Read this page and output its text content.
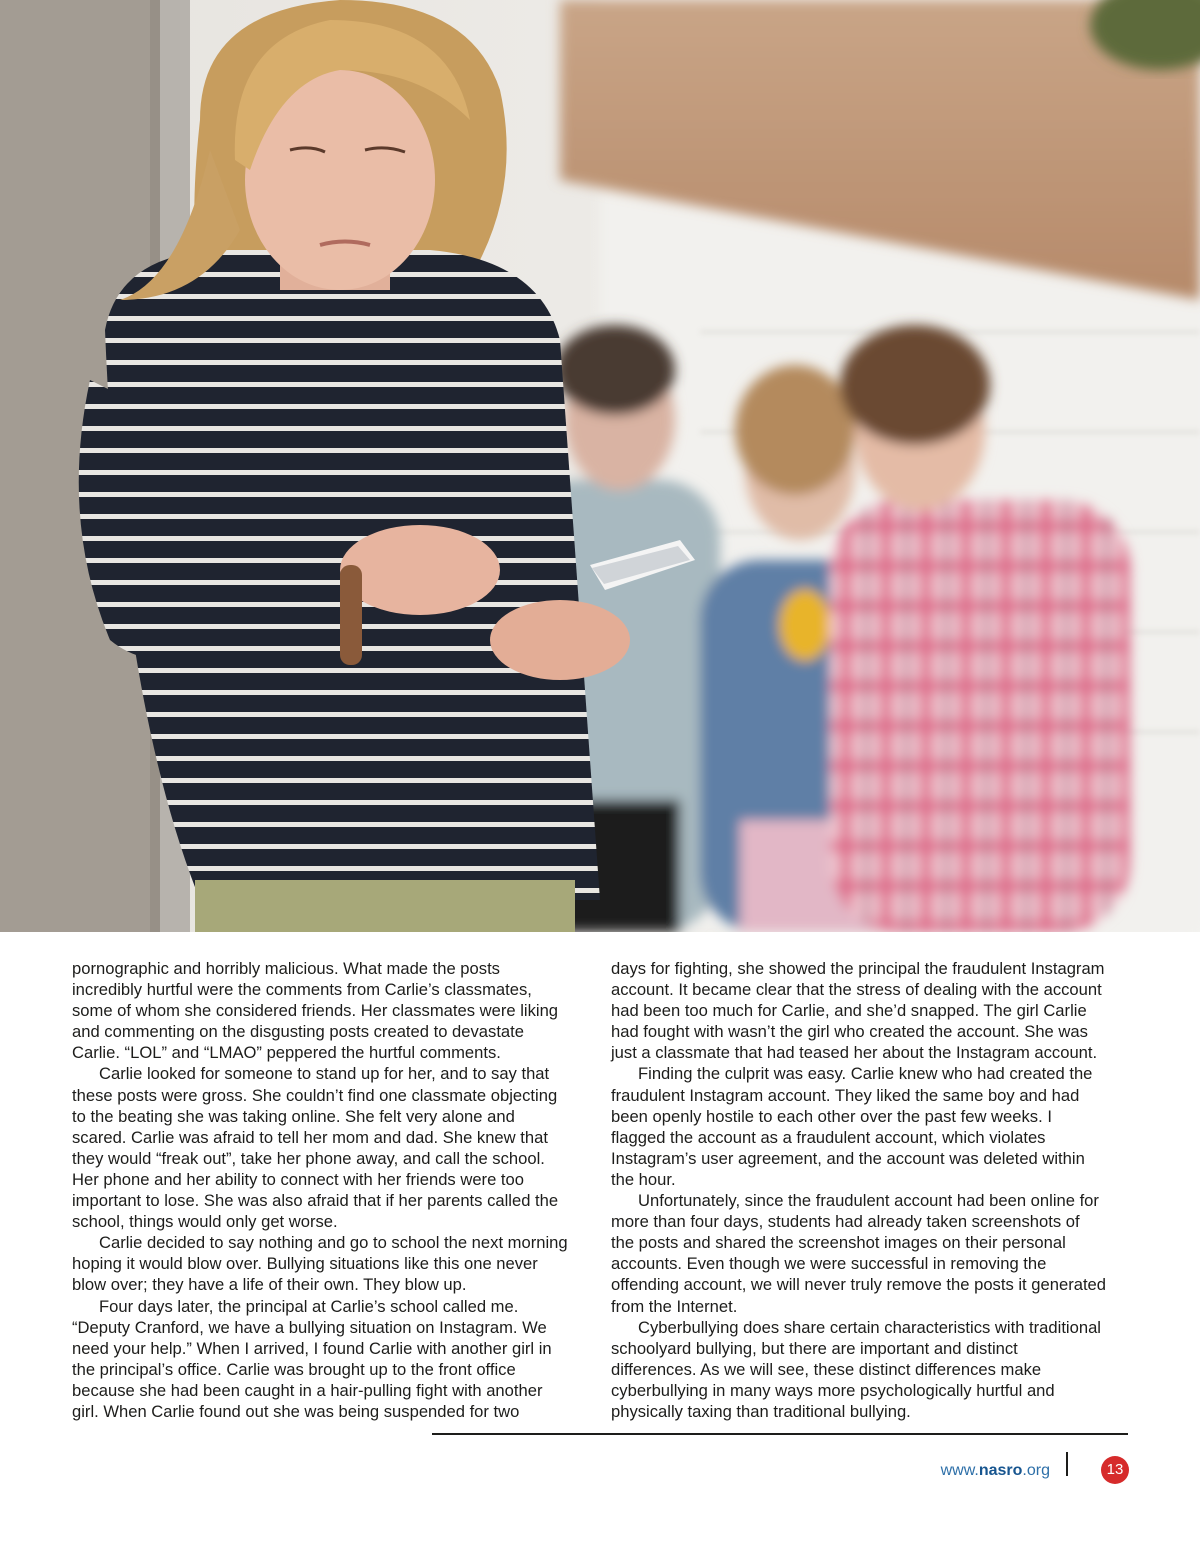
pornographic and horribly malicious. What made the posts incredibly hurtful were the comments from Carlie’s classmates, some of whom she considered friends. Her classmates were liking and commenting on the disgusting posts created to devastate Carlie. “LOL” and “LMAO” peppered the hurtful comments.

Carlie looked for someone to stand up for her, and to say that these posts were gross. She couldn’t find one classmate objecting to the beating she was taking online. She felt very alone and scared. Carlie was afraid to tell her mom and dad. She knew that they would “freak out”, take her phone away, and call the school. Her phone and her ability to connect with her friends were too important to lose. She was also afraid that if her parents called the school, things would only get worse.

Carlie decided to say nothing and go to school the next morning hoping it would blow over. Bullying situations like this one never blow over; they have a life of their own. They blow up.

Four days later, the principal at Carlie’s school called me. “Deputy Cranford, we have a bullying situation on Instagram. We need your help.” When I arrived, I found Carlie with another girl in the principal’s office. Carlie was brought up to the front office because she had been caught in a hair-pulling fight with another girl. When Carlie found out she was being suspended for two

days for fighting, she showed the principal the fraudulent Instagram account. It became clear that the stress of dealing with the account had been too much for Carlie, and she’d snapped. The girl Carlie had fought with wasn’t the girl who created the account. She was just a classmate that had teased her about the Instagram account.

Finding the culprit was easy. Carlie knew who had created the fraudulent Instagram account. They liked the same boy and had been openly hostile to each other over the past few weeks. I flagged the account as a fraudulent account, which violates Instagram’s user agreement, and the account was deleted within the hour.

Unfortunately, since the fraudulent account had been online for more than four days, students had already taken screenshots of the posts and shared the screenshot images on their personal accounts. Even though we were successful in removing the offending account, we will never truly remove the posts it generated from the Internet.

Cyberbullying does share certain characteristics with traditional schoolyard bullying, but there are important and distinct differences. As we will see, these distinct differences make cyberbullying in many ways more psychologically hurtful and physically taxing than traditional bullying.

www.nasro.org	13
